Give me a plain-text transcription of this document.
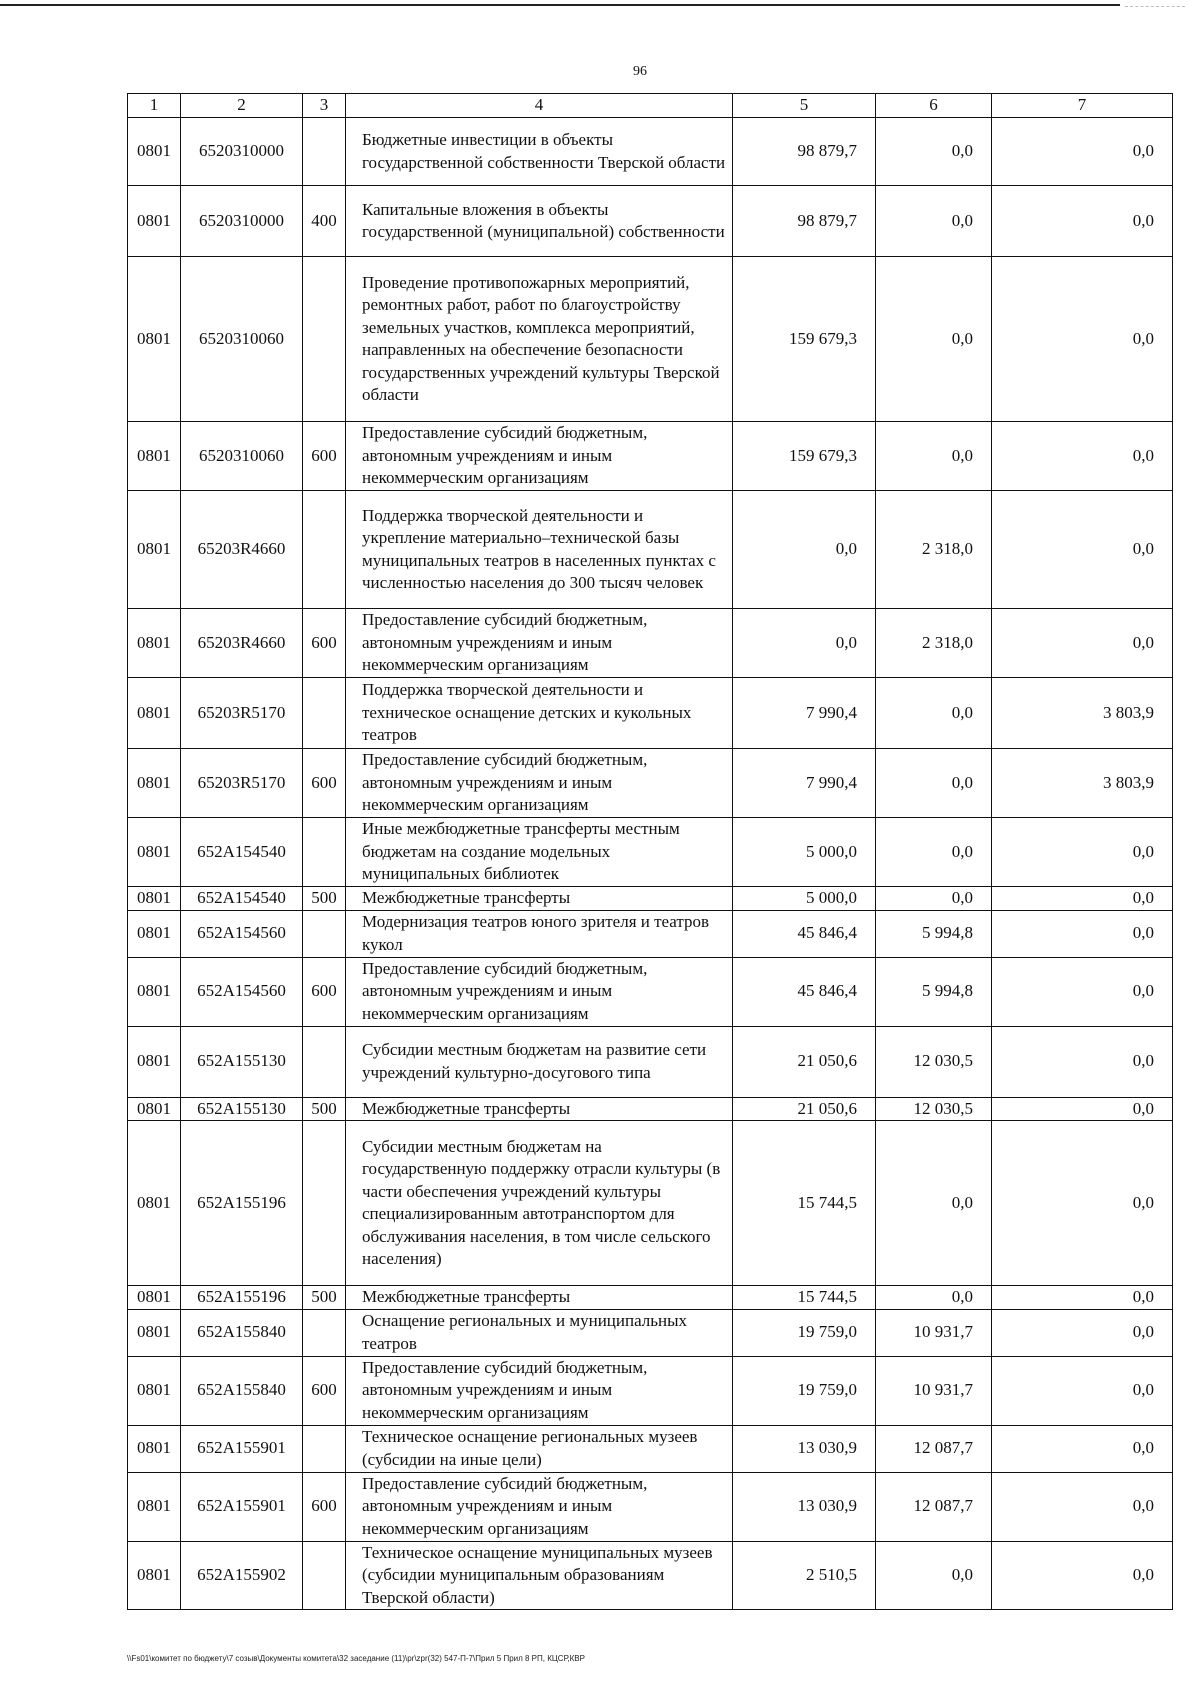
96
1	2	3	4	5	6	7
0801	6520310000		Бюджетные инвестиции в объекты государственной собственности Тверской области	98 879,7	0,0	0,0
0801	6520310000	400	Капитальные вложения в объекты государственной (муниципальной) собственности	98 879,7	0,0	0,0
0801	6520310060		Проведение противопожарных мероприятий, ремонтных работ, работ по благоустройству земельных участков, комплекса мероприятий, направленных на обеспечение безопасности государственных учреждений культуры Тверской области	159 679,3	0,0	0,0
0801	6520310060	600	Предоставление субсидий бюджетным, автономным учреждениям и иным некоммерческим организациям	159 679,3	0,0	0,0
0801	65203R4660		Поддержка творческой деятельности и укрепление материально–технической базы муниципальных театров в населенных пунктах с численностью населения до 300 тысяч человек	0,0	2 318,0	0,0
0801	65203R4660	600	Предоставление субсидий бюджетным, автономным учреждениям и иным некоммерческим организациям	0,0	2 318,0	0,0
0801	65203R5170		Поддержка творческой деятельности и техническое оснащение детских и кукольных театров	7 990,4	0,0	3 803,9
0801	65203R5170	600	Предоставление субсидий бюджетным, автономным учреждениям и иным некоммерческим организациям	7 990,4	0,0	3 803,9
0801	652A154540		Иные межбюджетные трансферты местным бюджетам на создание модельных муниципальных библиотек	5 000,0	0,0	0,0
0801	652A154540	500	Межбюджетные трансферты	5 000,0	0,0	0,0
0801	652A154560		Модернизация театров юного зрителя и театров кукол	45 846,4	5 994,8	0,0
0801	652A154560	600	Предоставление субсидий бюджетным, автономным учреждениям и иным некоммерческим организациям	45 846,4	5 994,8	0,0
0801	652A155130		Субсидии местным бюджетам на развитие сети учреждений культурно-досугового типа	21 050,6	12 030,5	0,0
0801	652A155130	500	Межбюджетные трансферты	21 050,6	12 030,5	0,0
0801	652A155196		Субсидии местным бюджетам на государственную поддержку отрасли культуры (в части обеспечения учреждений культуры специализированным автотранспортом для обслуживания населения, в том числе сельского населения)	15 744,5	0,0	0,0
0801	652A155196	500	Межбюджетные трансферты	15 744,5	0,0	0,0
0801	652A155840		Оснащение региональных и муниципальных театров	19 759,0	10 931,7	0,0
0801	652A155840	600	Предоставление субсидий бюджетным, автономным учреждениям и иным некоммерческим организациям	19 759,0	10 931,7	0,0
0801	652A155901		Техническое оснащение региональных музеев (субсидии на иные цели)	13 030,9	12 087,7	0,0
0801	652A155901	600	Предоставление субсидий бюджетным, автономным учреждениям и иным некоммерческим организациям	13 030,9	12 087,7	0,0
0801	652A155902		Техническое оснащение муниципальных музеев (субсидии муниципальным образованиям Тверской области)	2 510,5	0,0	0,0
\\Fs01\комитет по бюджету\7 созыв\Документы комитета\32 заседание (11)\pr\zpr(32) 547-П-7\Прил 5 Прил 8 РП, КЦСР,КВР
